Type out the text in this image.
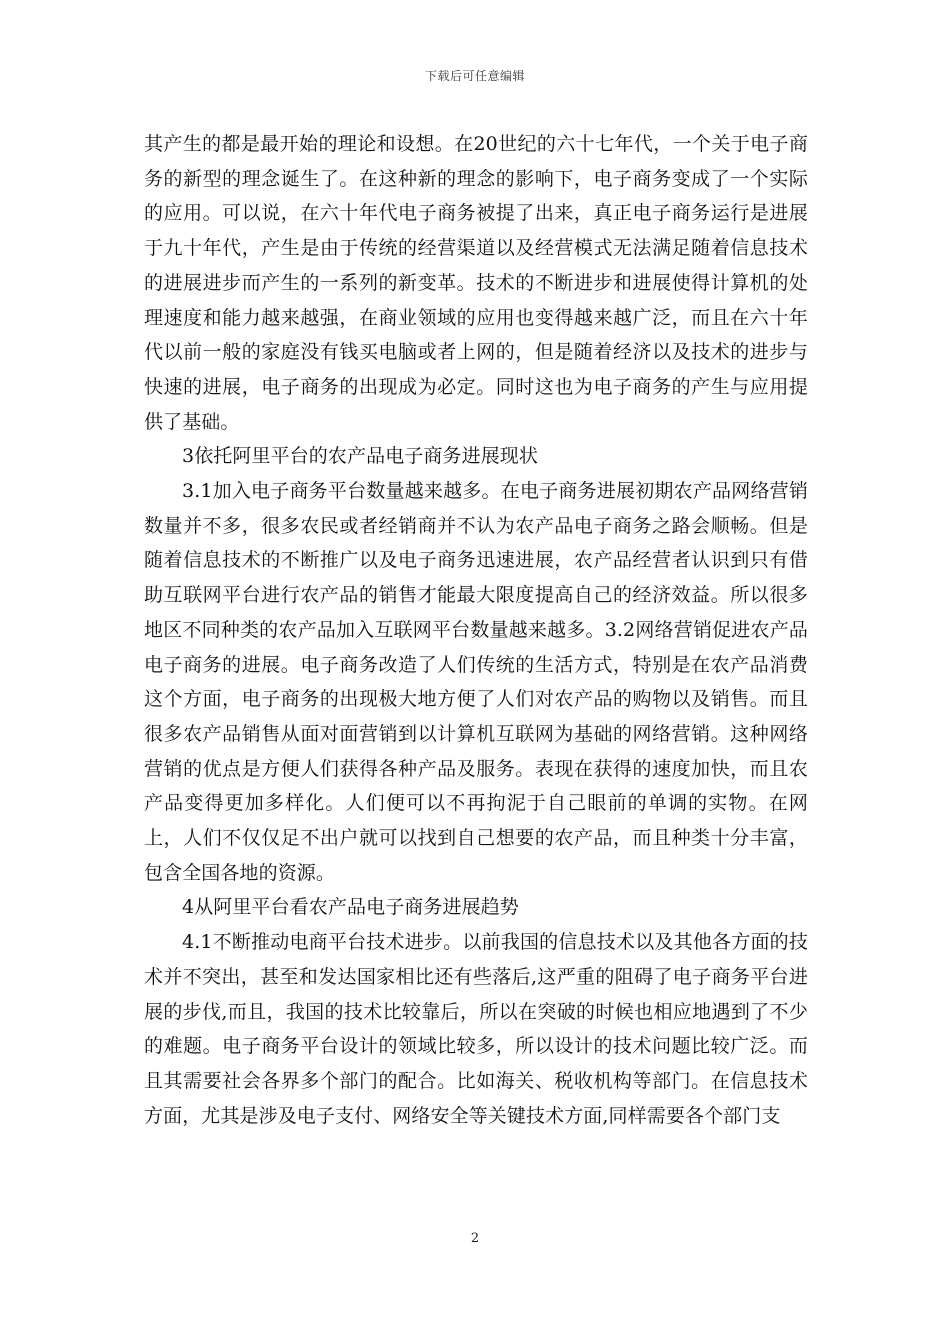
下载后可任意编辑

其产生的都是最开始的理论和设想。在20世纪的六十七年代，一个关于电子商务的新型的理念诞生了。在这种新的理念的影响下，电子商务变成了一个实际的应用。可以说，在六十年代电子商务被提了出来，真正电子商务运行是进展于九十年代，产生是由于传统的经营渠道以及经营模式无法满足随着信息技术的进展进步而产生的一系列的新变革。技术的不断进步和进展使得计算机的处理速度和能力越来越强，在商业领域的应用也变得越来越广泛，而且在六十年代以前一般的家庭没有钱买电脑或者上网的，但是随着经济以及技术的进步与快速的进展，电子商务的出现成为必定。同时这也为电子商务的产生与应用提供了基础。

3依托阿里平台的农产品电子商务进展现状

3.1加入电子商务平台数量越来越多。在电子商务进展初期农产品网络营销数量并不多，很多农民或者经销商并不认为农产品电子商务之路会顺畅。但是随着信息技术的不断推广以及电子商务迅速进展，农产品经营者认识到只有借助互联网平台进行农产品的销售才能最大限度提高自己的经济效益。所以很多地区不同种类的农产品加入互联网平台数量越来越多。3.2网络营销促进农产品电子商务的进展。电子商务改造了人们传统的生活方式，特别是在农产品消费这个方面，电子商务的出现极大地方便了人们对农产品的购物以及销售。而且很多农产品销售从面对面营销到以计算机互联网为基础的网络营销。这种网络营销的优点是方便人们获得各种产品及服务。表现在获得的速度加快，而且农产品变得更加多样化。人们便可以不再拘泥于自己眼前的单调的实物。在网上，人们不仅仅足不出户就可以找到自己想要的农产品，而且种类十分丰富，包含全国各地的资源。

4从阿里平台看农产品电子商务进展趋势

4.1不断推动电商平台技术进步。以前我国的信息技术以及其他各方面的技术并不突出，甚至和发达国家相比还有些落后,这严重的阻碍了电子商务平台进展的步伐,而且，我国的技术比较靠后，所以在突破的时候也相应地遇到了不少的难题。电子商务平台设计的领域比较多，所以设计的技术问题比较广泛。而且其需要社会各界多个部门的配合。比如海关、税收机构等部门。在信息技术方面，尤其是涉及电子支付、网络安全等关键技术方面,同样需要各个部门支

2
